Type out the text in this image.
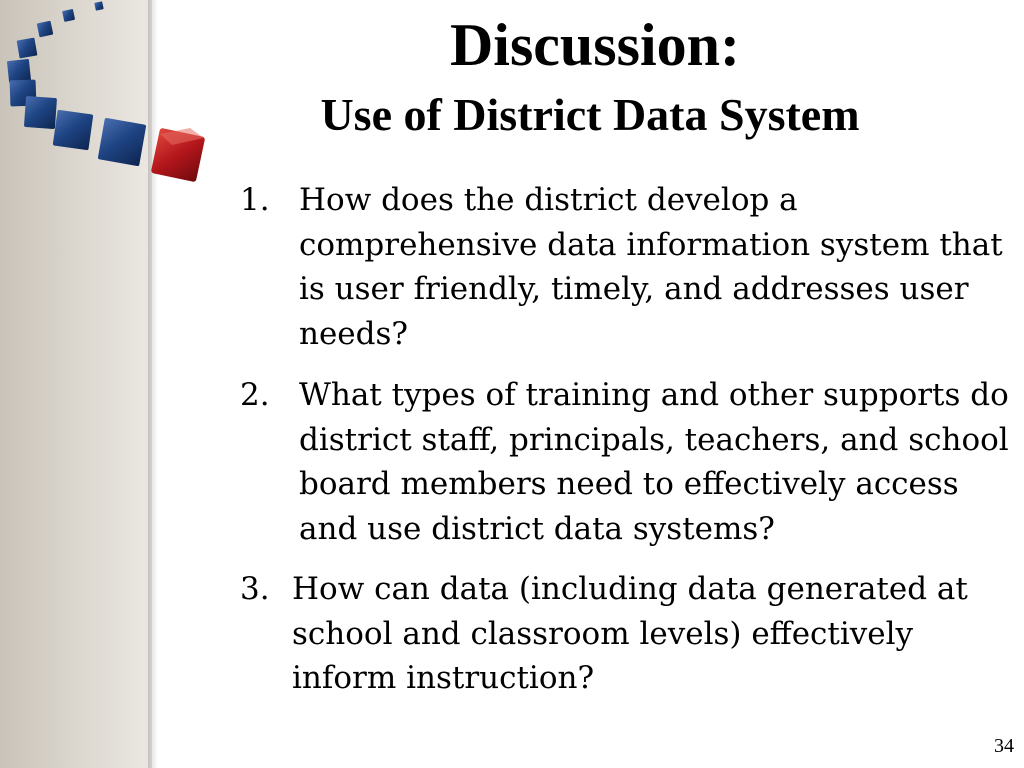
Discussion:
Use of District Data System
1. How does the district develop a comprehensive data information system that is user friendly, timely, and addresses user needs?
2. What types of training and other supports do district staff, principals, teachers, and school board members need to effectively access and use district data systems?
3. How can data (including data generated at school and classroom levels) effectively inform instruction?
34
